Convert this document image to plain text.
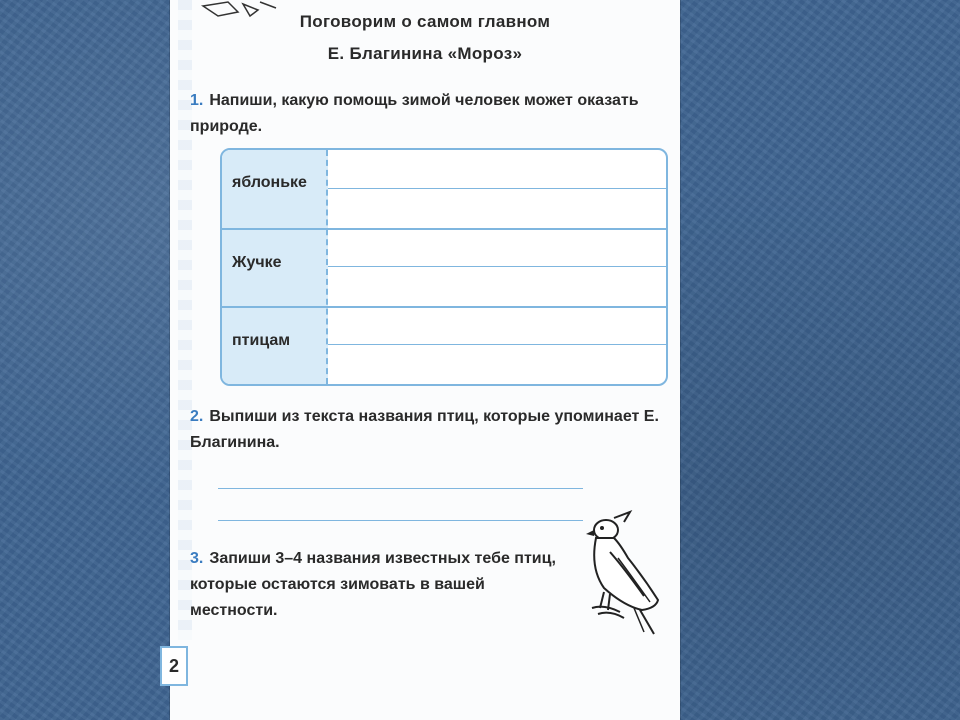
Поговорим о самом главном
Е. Благинина «Мороз»
1. Напиши, какую помощь зимой человек может оказать природе.
яблоньке
Жучке
птицам
2. Выпиши из текста названия птиц, которые упоминает Е. Благинина.
3. Запиши 3–4 названия известных тебе птиц, которые остаются зимовать в вашей местности.
2
